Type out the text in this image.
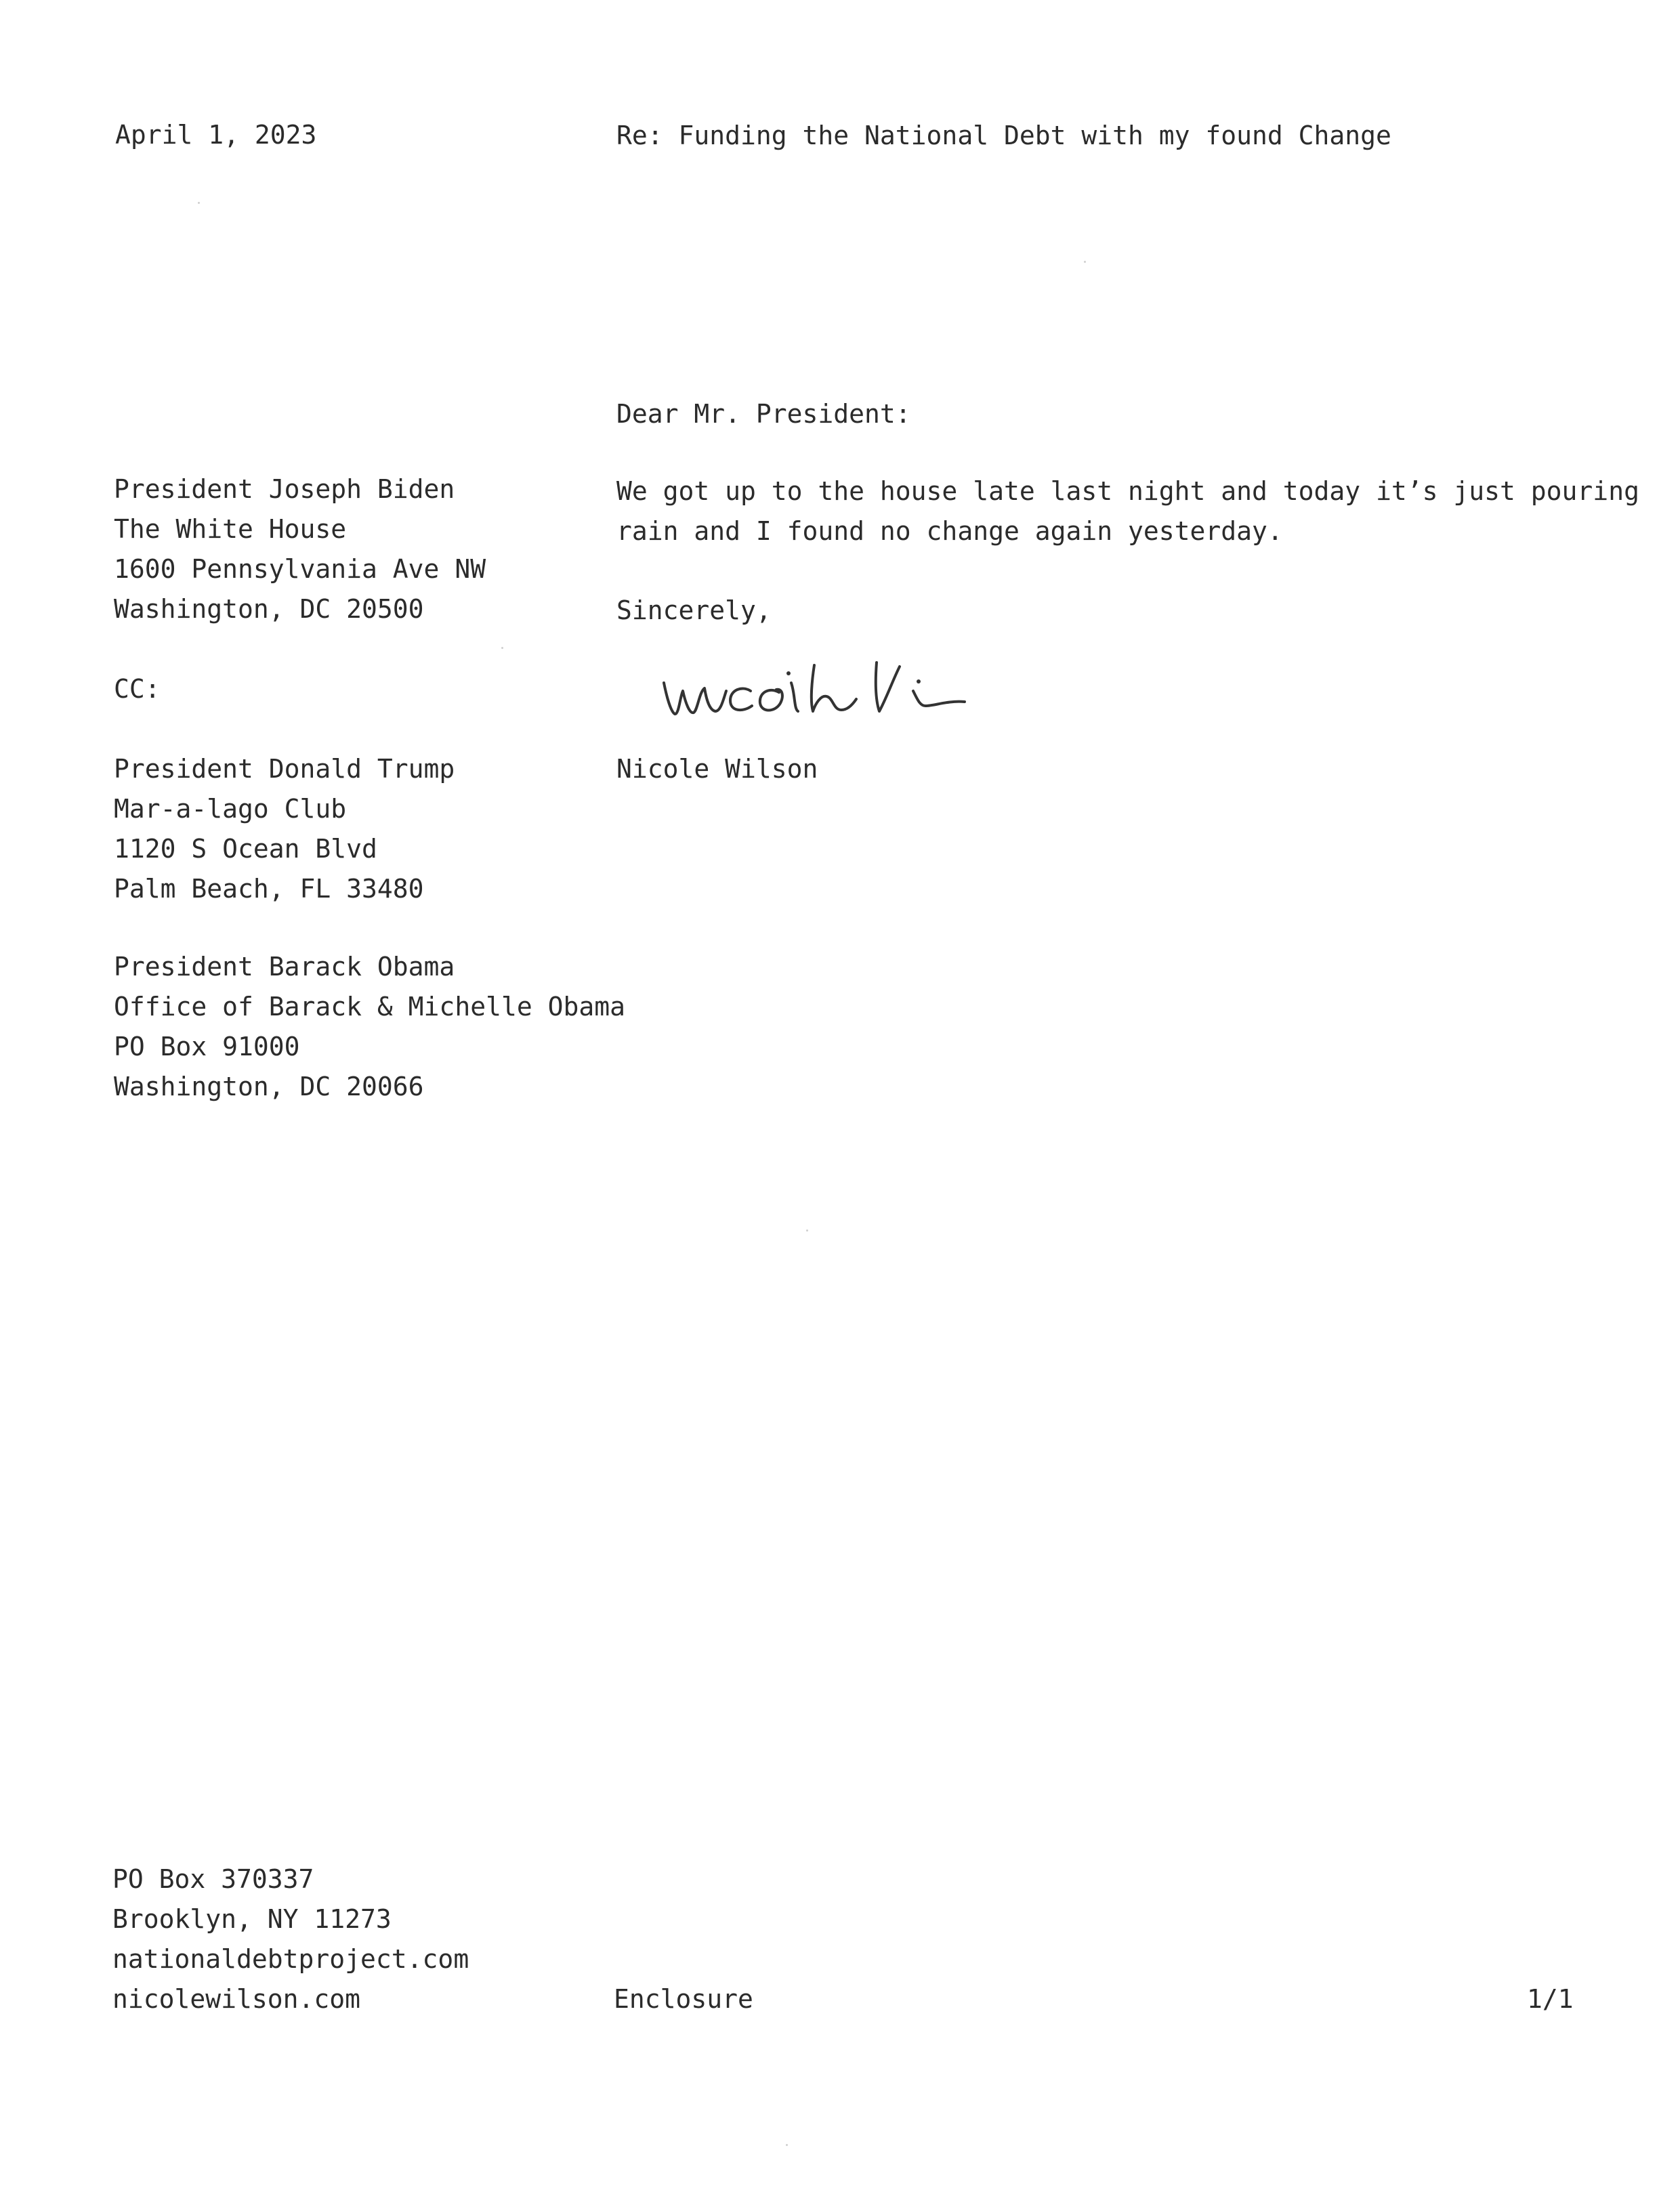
April 1, 2023	Re: Funding the National Debt with my found Change
Dear Mr. President:
President Joseph Biden
The White House
1600 Pennsylvania Ave NW
Washington, DC 20500
We got up to the house late last night and today it’s just pouring
rain and I found no change again yesterday.
Sincerely,
CC:
Nicole Wilson
President Donald Trump
Mar-a-lago Club
1120 S Ocean Blvd
Palm Beach, FL 33480
President Barack Obama
Office of Barack & Michelle Obama
PO Box 91000
Washington, DC 20066
PO Box 370337
Brooklyn, NY 11273
nationaldebtproject.com
nicolewilson.com	Enclosure	1/1
